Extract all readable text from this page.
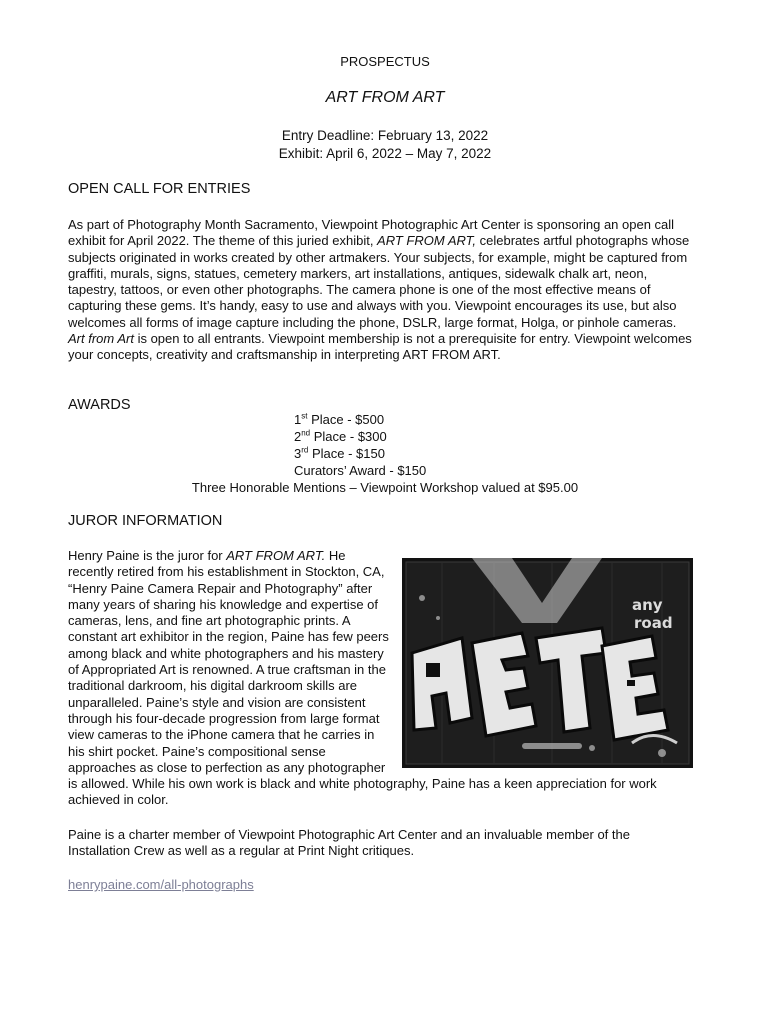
PROSPECTUS
ART FROM ART
Entry Deadline: February 13, 2022
Exhibit: April 6, 2022 – May 7, 2022
OPEN CALL FOR ENTRIES

As part of Photography Month Sacramento, Viewpoint Photographic Art Center is sponsoring an open call exhibit for April 2022. The theme of this juried exhibit, ART FROM ART, celebrates artful photographs whose subjects originated in works created by other artmakers. Your subjects, for example, might be captured from graffiti, murals, signs, statues, cemetery markers, art installations, antiques, sidewalk chalk art, neon, tapestry, tattoos, or even other photographs. The camera phone is one of the most effective means of capturing these gems. It’s handy, easy to use and always with you. Viewpoint encourages its use, but also welcomes all forms of image capture including the phone, DSLR, large format, Holga, or pinhole cameras. Art from Art is open to all entrants. Viewpoint membership is not a prerequisite for entry. Viewpoint welcomes your concepts, creativity and craftsmanship in interpreting ART FROM ART.

AWARDS
1st Place - $500
2nd Place - $300
3rd Place - $150
Curators’ Award - $150
Three Honorable Mentions – Viewpoint Workshop valued at $95.00
JUROR INFORMATION
any
road

Henry Paine is the juror for ART FROM ART. He recently retired from his establishment in Stockton, CA, “Henry Paine Camera Repair and Photography” after many years of sharing his knowledge and expertise of cameras, lens, and fine art photographic prints. A constant art exhibitor in the region, Paine has few peers among black and white photographers and his mastery of Appropriated Art is renowned. A true craftsman in the traditional darkroom, his digital darkroom skills are unparalleled. Paine’s style and vision are consistent through his four-decade progression from large format view cameras to the iPhone camera that he carries in his shirt pocket. Paine’s compositional sense approaches as close to perfection as any photographer is allowed. While his own work is black and white photography, Paine has a keen appreciation for work achieved in color.

Paine is a charter member of Viewpoint Photographic Art Center and an invaluable member of the Installation Crew as well as a regular at Print Night critiques.

henrypaine.com/all-photographs
